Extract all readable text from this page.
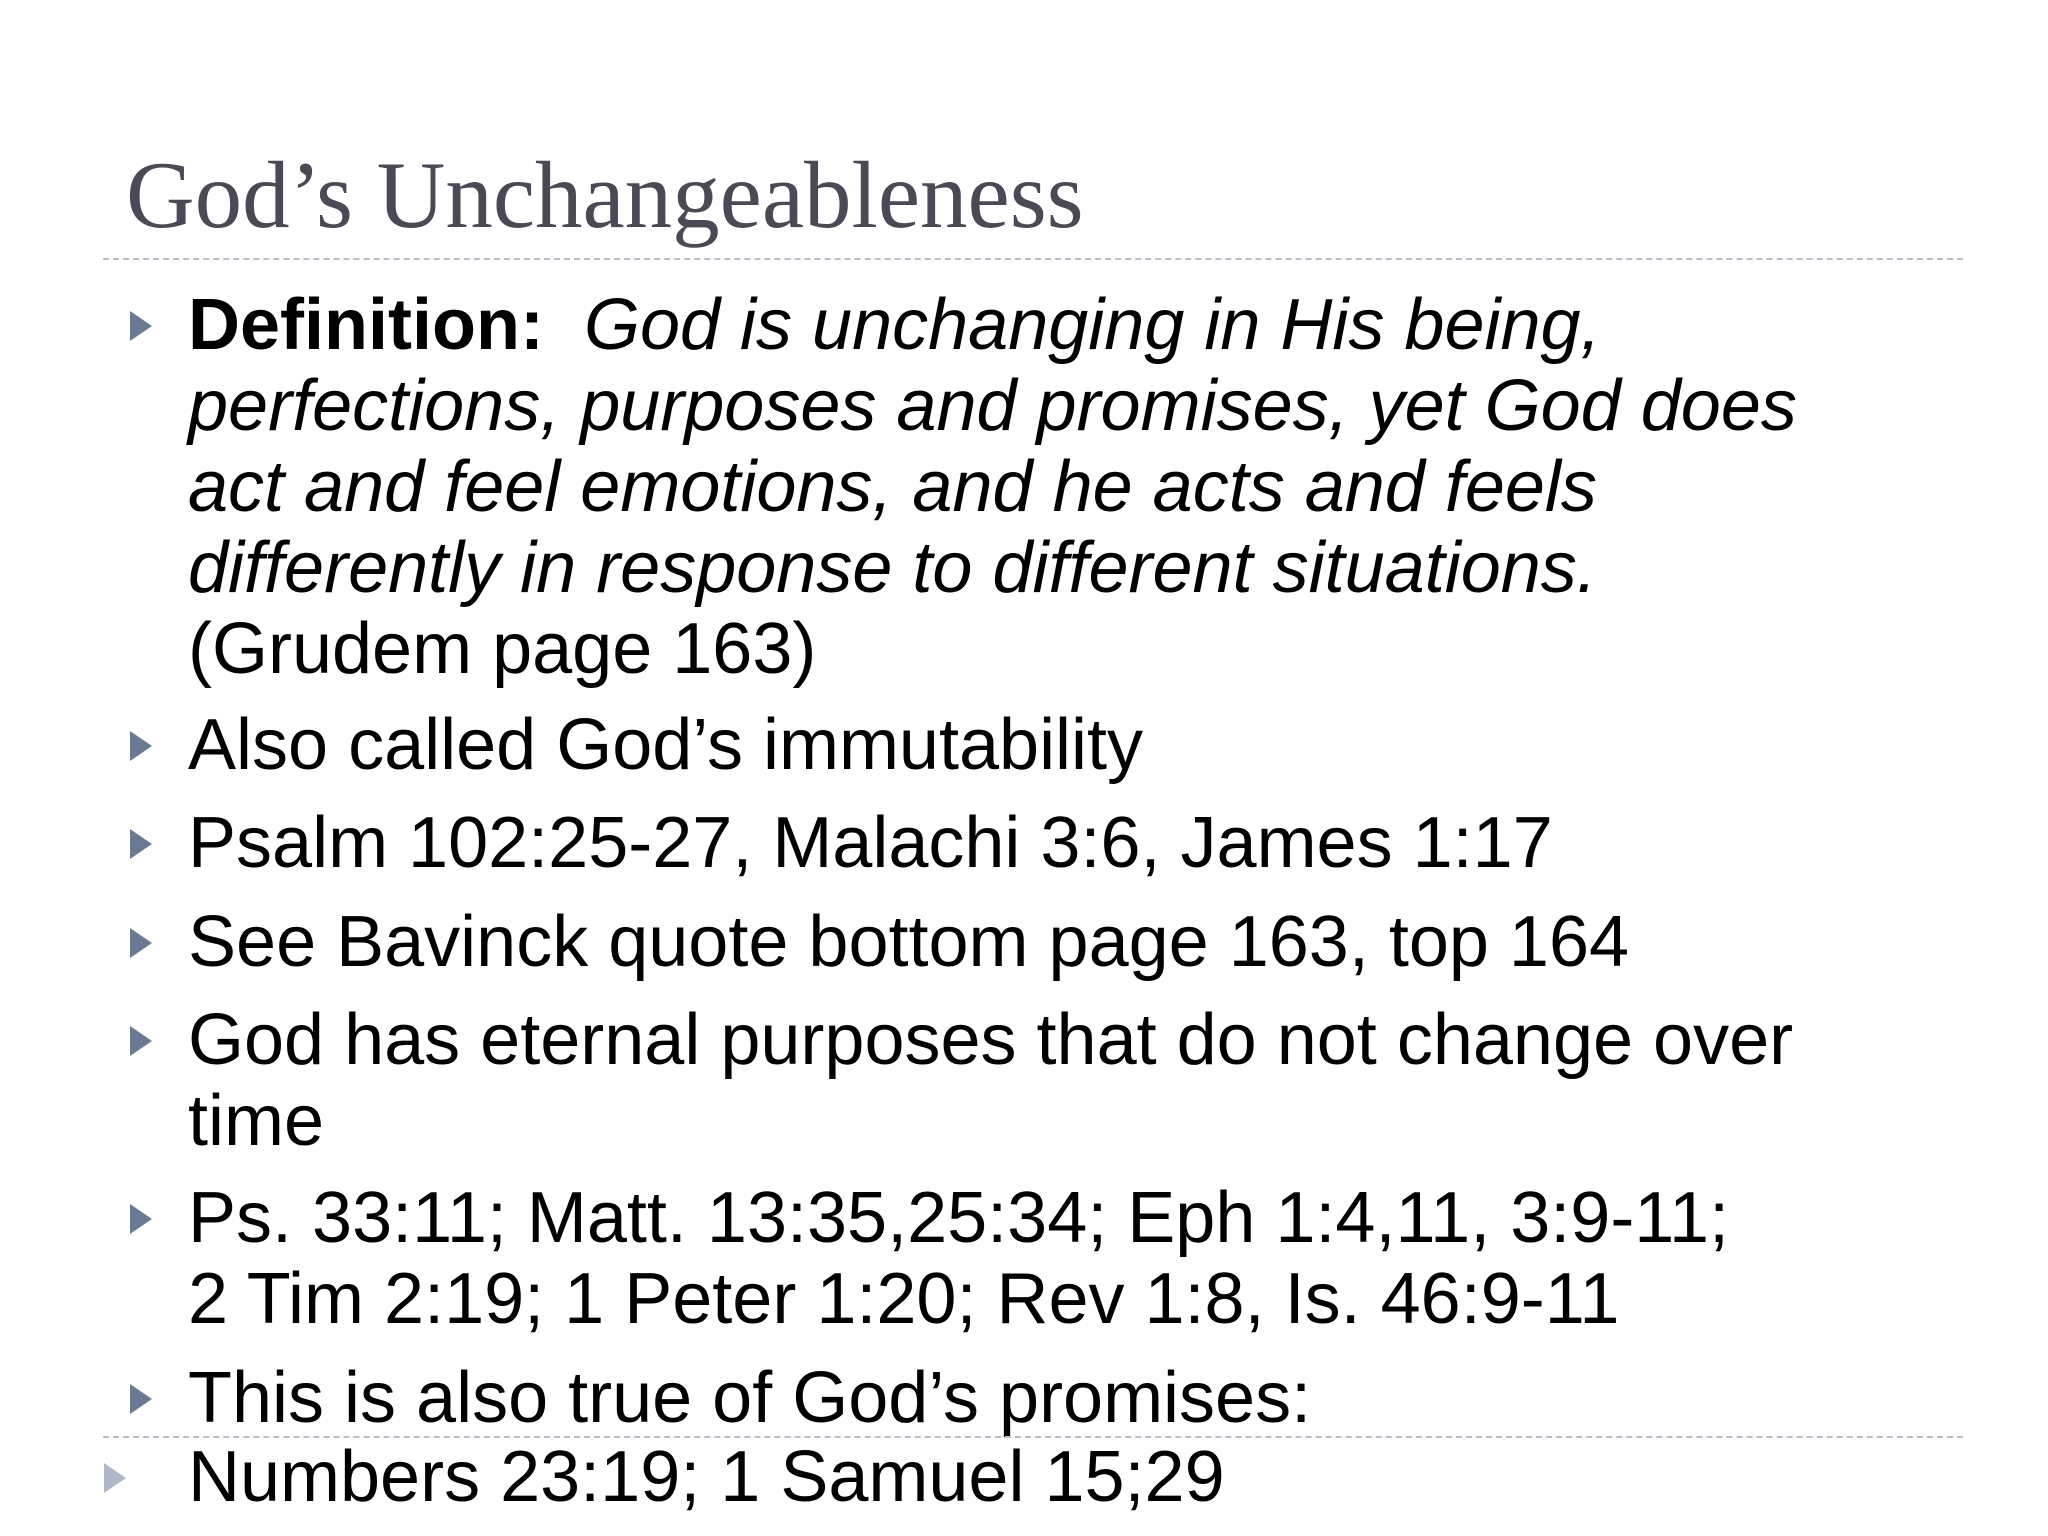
God’s Unchangeableness
Definition: God is unchanging in His being,
perfections, purposes and promises, yet God does
act and feel emotions, and he acts and feels
differently in response to different situations.
(Grudem page 163)
Also called God’s immutability
Psalm 102:25-27, Malachi 3:6, James 1:17
See Bavinck quote bottom page 163, top 164
God has eternal purposes that do not change over
time
Ps. 33:11; Matt. 13:35,25:34; Eph 1:4,11, 3:9-11;
2 Tim 2:19; 1 Peter 1:20; Rev 1:8, Is. 46:9-11
This is also true of God’s promises:
Numbers 23:19; 1 Samuel 15;29
